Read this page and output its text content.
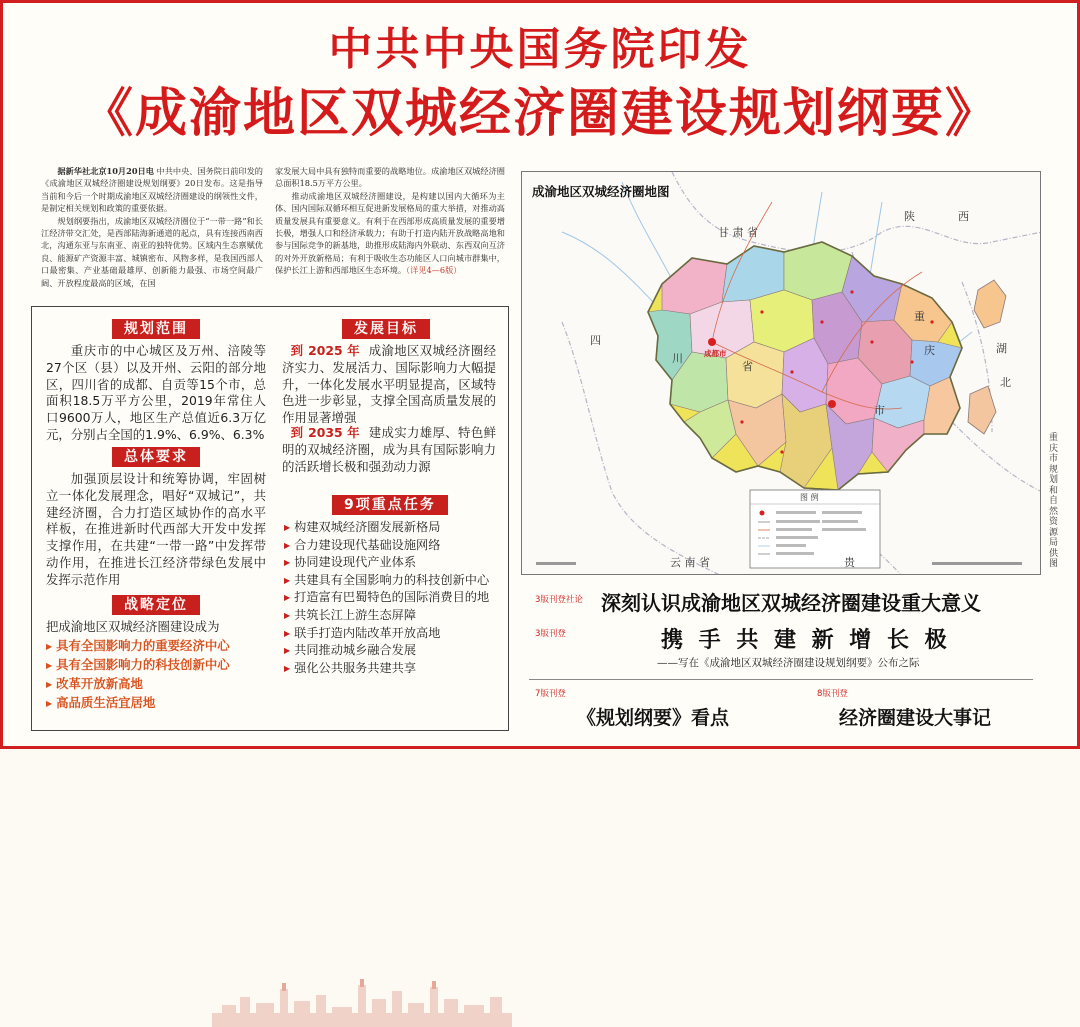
中共中央国务院印发
《成渝地区双城经济圈建设规划纲要》

据新华社北京10月20日电 中共中央、国务院日前印发的《成渝地区双城经济圈建设规划纲要》20日发布。这是指导当前和今后一个时期成渝地区双城经济圈建设的纲领性文件，是制定相关规划和政策的重要依据。

规划纲要指出，成渝地区双城经济圈位于“一带一路”和长江经济带交汇处，是西部陆海新通道的起点，具有连接西南西北，沟通东亚与东南亚、南亚的独特优势。区域内生态禀赋优良、能源矿产资源丰富、城镇密布、风物多样，是我国西部人口最密集、产业基础最雄厚、创新能力最强、市场空间最广阔、开放程度最高的区域，在国

家发展大局中具有独特而重要的战略地位。成渝地区双城经济圈总面积18.5万平方公里。

推动成渝地区双城经济圈建设，是构建以国内大循环为主体、国内国际双循环相互促进新发展格局的重大举措，对推动高质量发展具有重要意义。有利于在西部形成高质量发展的重要增长极，增强人口和经济承载力；有助于打造内陆开放战略高地和参与国际竞争的新基地，助推形成陆海内外联动、东西双向互济的对外开放新格局；有利于吸收生态功能区人口向城市群集中，保护长江上游和西部地区生态环境。（详见4—6版）

规划范围
重庆市的中心城区及万州、涪陵等27个区（县）以及开州、云阳的部分地区，四川省的成都、自贡等15个市，总面积18.5万平方公里，2019年常住人口9600万人，地区生产总值近6.3万亿元，分别占全国的1.9%、6.9%、6.3%
总体要求
加强顶层设计和统筹协调，牢固树立一体化发展理念，唱好“双城记”，共建经济圈，合力打造区域协作的高水平样板，在推进新时代西部大开发中发挥支撑作用，在共建“一带一路”中发挥带动作用，在推进长江经济带绿色发展中发挥示范作用
战略定位
把成渝地区双城经济圈建设成为
▶ 具有全国影响力的重要经济中心
▶ 具有全国影响力的科技创新中心
▶ 改革开放新高地
▶ 高品质生活宜居地
发展目标
到 2025 年 成渝地区双城经济圈经济实力、发展活力、国际影响力大幅提升，一体化发展水平明显提高，区域特色进一步彰显，支撑全国高质量发展的作用显著增强
到 2035 年 建成实力雄厚、特色鲜明的双城经济圈，成为具有国际影响力的活跃增长极和强劲动力源
9项重点任务
▶ 构建双城经济圈发展新格局
▶ 合力建设现代基础设施网络
▶ 协同建设现代产业体系
▶ 共建具有全国影响力的科技创新中心
▶ 打造富有巴蜀特色的国际消费目的地
▶ 共筑长江上游生态屏障
▶ 联手打造内陆改革开放高地
▶ 共同推动城乡融合发展
▶ 强化公共服务共建共享
成渝地区双城经济圈地图
甘 肃 省
陕	西
四
川
省
重
庆
市
湖
北
云 南 省	贵
成都市
图 例
重庆市规划和自然资源局供图
3版刊登社论 深刻认识成渝地区双城经济圈建设重大意义
3版刊登	携 手 共 建 新 增 长 极
——写在《成渝地区双城经济圈建设规划纲要》公布之际
7版刊登
《规划纲要》看点
8版刊登
经济圈建设大事记
